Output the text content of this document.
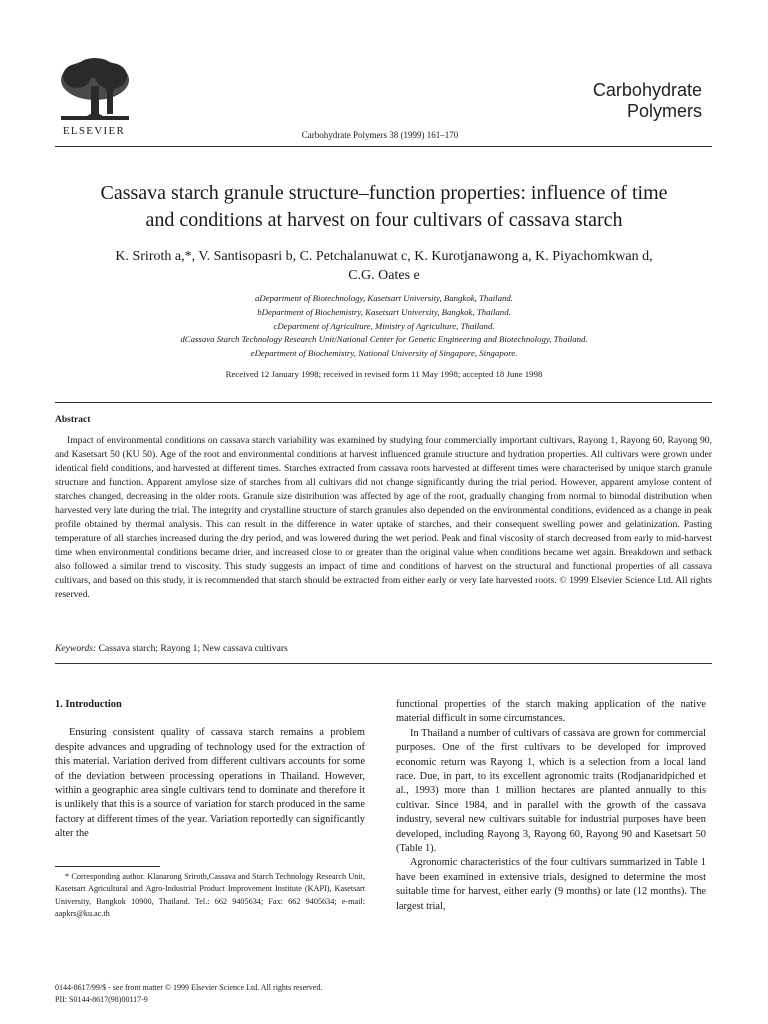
ELSEVIER	Carbohydrate Polymers 38 (1999) 161–170
Carbohydrate
Polymers
Cassava starch granule structure–function properties: influence of time
and conditions at harvest on four cultivars of cassava starch
K. Sriroth a,*, V. Santisopasri b, C. Petchalanuwat c, K. Kurotjanawong a, K. Piyachomkwan d,
C.G. Oates e
aDepartment of Biotechnology, Kasetsart University, Bangkok, Thailand.
bDepartment of Biochemistry, Kasetsart University, Bangkok, Thailand.
cDepartment of Agriculture, Ministry of Agriculture, Thailand.
dCassava Starch Technology Research Unit/National Center for Genetic Engineering and Biotechnology, Thailand.
eDepartment of Biochemistry, National University of Singapore, Singapore.
Received 12 January 1998; received in revised form 11 May 1998; accepted 18 June 1998
Abstract

Impact of environmental conditions on cassava starch variability was examined by studying four commercially important cultivars, Rayong 1, Rayong 60, Rayong 90, and Kasetsart 50 (KU 50). Age of the root and environmental conditions at harvest influenced granule structure and hydration properties. All cultivars were grown under identical field conditions, and harvested at different times. Starches extracted from cassava roots harvested at different times were characterised by unique starch granule structure and function. Apparent amylose size of starches from all cultivars did not change significantly during the trial period. However, apparent amylose content of starches changed, decreasing in the older roots. Granule size distribution was affected by age of the root, gradually changing from normal to bimodal distribution when harvested very late during the trial. The integrity and crystalline structure of starch granules also depended on the environmental conditions, evidenced as a change in peak profile obtained by thermal analysis. This can result in the difference in water uptake of starches, and their consequent swelling power and gelatinization. Pasting temperature of all starches increased during the dry period, and was lowered during the wet period. Peak and final viscosity of starch decreased from early to mid-harvest time when environmental conditions became drier, and increased close to or greater than the original value when conditions became wet again. Breakdown and setback also followed a similar trend to viscosity. This study suggests an impact of time and conditions of harvest on the structural and functional properties of all cassava cultivars, and based on this study, it is recommended that starch should be extracted from either early or very late harvested roots. © 1999 Elsevier Science Ltd. All rights reserved.

Keywords: Cassava starch; Rayong 1; New cassava cultivars

1. Introduction

Ensuring consistent quality of cassava starch remains a problem despite advances and upgrading of technology used for the extraction of this material. Variation derived from different cultivars accounts for some of the deviation between processing operations in Thailand. However, within a geographic area single cultivars tend to dominate and therefore it is unlikely that this is a source of variation for starch produced in the same factory at different times of the year. Variation reportedly can significantly alter the

functional properties of the starch making application of the native material difficult in some circumstances.

In Thailand a number of cultivars of cassava are grown for commercial purposes. One of the first cultivars to be developed for improved economic return was Rayong 1, which is a selection from a local land race. Due, in part, to its excellent agronomic traits (Rodjanaridpiched et al., 1993) more than 1 million hectares are planted annually to this cultivar. Since 1984, and in parallel with the growth of the cassava industry, several new cultivars suitable for industrial purposes have been developed, including Rayong 3, Rayong 60, Rayong 90 and Kasetsart 50 (Table 1).

Agronomic characteristics of the four cultivars summarized in Table 1 have been examined in extensive trials, designed to determine the most suitable time for harvest, either early (9 months) or late (12 months). The largest trial,

* Corresponding author. Klanarong Sriroth,Cassava and Starch Technology Research Unit, Kasetsart Agricultural and Agro-Industrial Product Improvement Institute (KAPI), Kasetsart University, Bangkok 10900, Thailand. Tel.: 662 9405634; Fax: 662 9405634; e-mail: aapkrs@ku.ac.th

0144-8617/99/$ - see front matter © 1999 Elsevier Science Ltd. All rights reserved.
PII: S0144-8617(98)00117-9
